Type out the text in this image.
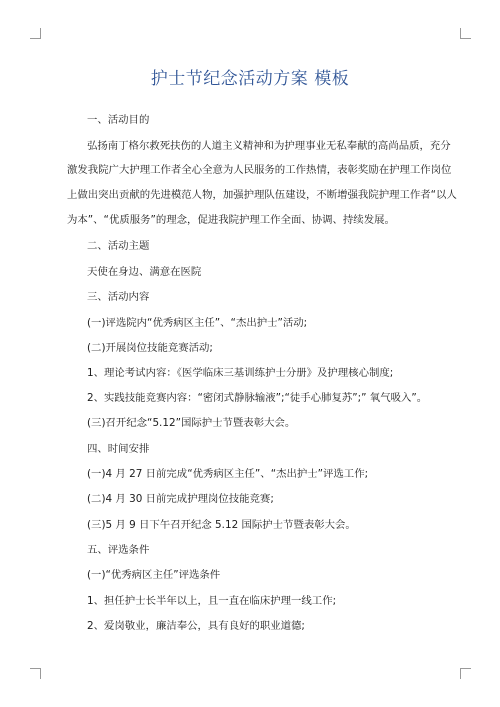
护士节纪念活动方案 模板
一、活动目的
弘扬南丁格尔救死扶伤的人道主义精神和为护理事业无私奉献的高尚品质，充分
激发我院广大护理工作者全心全意为人民服务的工作热情，表彰奖励在护理工作岗位
上做出突出贡献的先进模范人物，加强护理队伍建设，不断增强我院护理工作者“以人
为本”、“优质服务”的理念，促进我院护理工作全面、协调、持续发展。
二、活动主题
天使在身边、满意在医院
三、活动内容
(一)评选院内“优秀病区主任”、“杰出护士”活动;
(二)开展岗位技能竞赛活动;
1、理论考试内容：《医学临床三基训练护士分册》及护理核心制度;
2、实践技能竞赛内容：“密闭式静脉输液”;“徒手心肺复苏”;” 氧气吸入”。
(三)召开纪念“5.12”国际护士节暨表彰大会。
四、时间安排
(一)4 月 27 日前完成“优秀病区主任”、“杰出护士”评选工作;
(二)4 月 30 日前完成护理岗位技能竞赛;
(三)5 月 9 日下午召开纪念 5.12 国际护士节暨表彰大会。
五、评选条件
(一)“优秀病区主任”评选条件
1、担任护士长半年以上，且一直在临床护理一线工作;
2、爱岗敬业，廉洁奉公，具有良好的职业道德;
